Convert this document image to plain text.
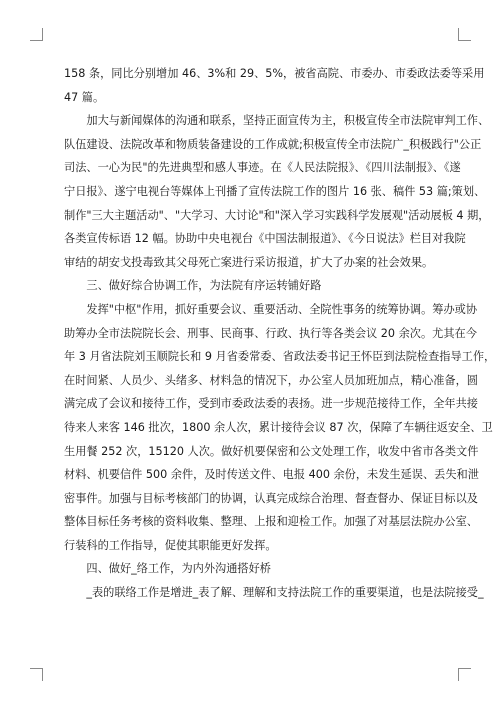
158 条，同比分别增加 46、3%和 29、5%，被省高院、市委办、市委政法委等采用
47 篇。
　　加大与新闻媒体的沟通和联系，坚持正面宣传为主，积极宣传全市法院审判工作、
队伍建设、法院改革和物质装备建设的工作成就;积极宣传全市法院广_积极践行"公正
司法、一心为民"的先进典型和感人事迹。在《人民法院报》、《四川法制报》、《遂
宁日报》、遂宁电视台等媒体上刊播了宣传法院工作的图片 16 张、稿件 53 篇;策划、
制作"三大主题活动"、"大学习、大讨论"和"深入学习实践科学发展观"活动展板 4 期，
各类宣传标语 12 幅。协助中央电视台《中国法制报道》、《今日说法》栏目对我院
审结的胡安戈投毒致其父母死亡案进行采访报道，扩大了办案的社会效果。
　　三、做好综合协调工作，为法院有序运转铺好路
　　发挥"中枢"作用，抓好重要会议、重要活动、全院性事务的统筹协调。筹办或协
助筹办全市法院院长会、刑事、民商事、行政、执行等各类会议 20 余次。尤其在今
年 3 月省法院刘玉顺院长和 9 月省委常委、省政法委书记王怀臣到法院检查指导工作，
在时间紧、人员少、头绪多、材料急的情况下，办公室人员加班加点，精心准备，圆
满完成了会议和接待工作，受到市委政法委的表扬。进一步规范接待工作，全年共接
待来人来客 146 批次，1800 余人次，累计接待会议 87 次，保障了车辆往返安全、卫
生用餐 252 次，15120 人次。做好机要保密和公文处理工作，收发中省市各类文件
材料、机要信件 500 余件，及时传送文件、电报 400 余份，未发生延误、丢失和泄
密事件。加强与目标考核部门的协调，认真完成综合治理、督查督办、保证目标以及
整体目标任务考核的资料收集、整理、上报和迎检工作。加强了对基层法院办公室、
行装科的工作指导，促使其职能更好发挥。
　　四、做好_络工作，为内外沟通搭好桥
　　_表的联络工作是增进_表了解、理解和支持法院工作的重要渠道，也是法院接受_
